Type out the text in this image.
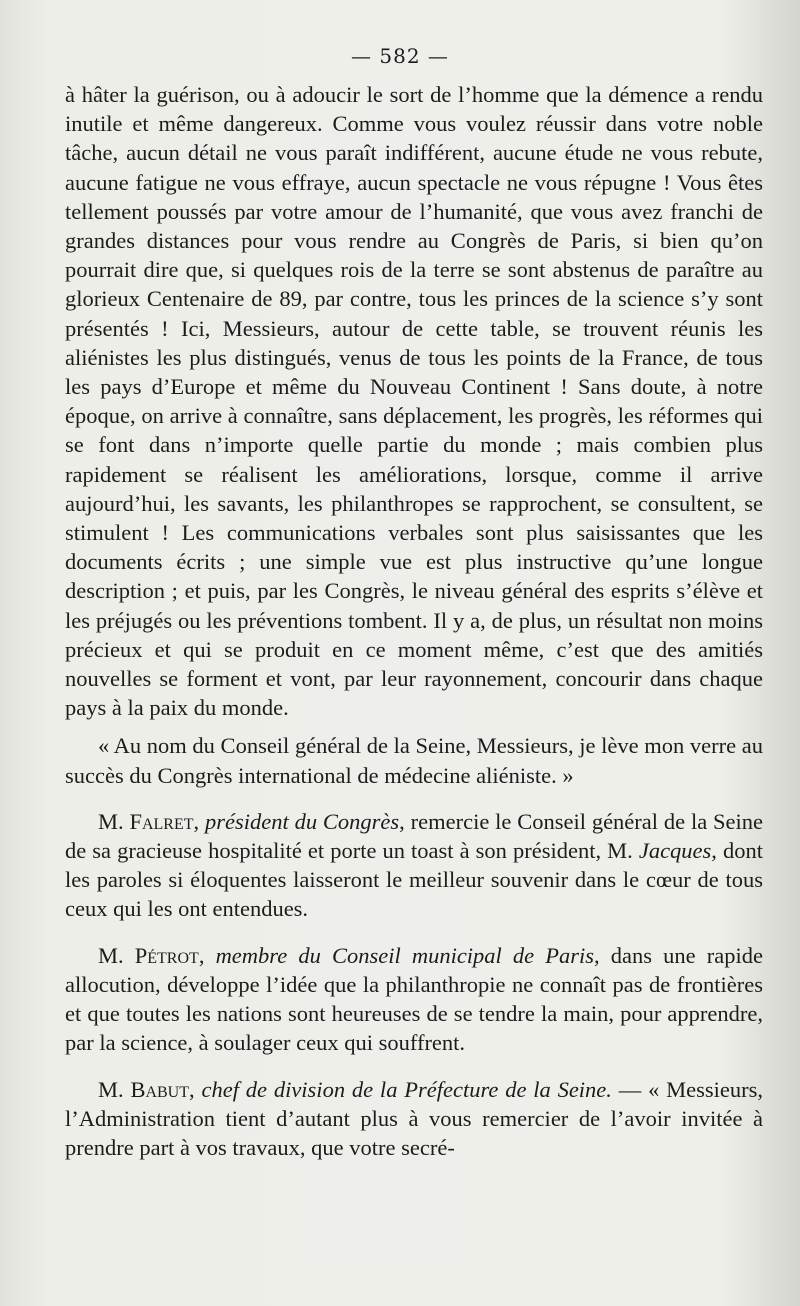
— 582 —

à hâter la guérison, ou à adoucir le sort de l’homme que la démence a rendu inutile et même dangereux. Comme vous voulez réussir dans votre noble tâche, aucun détail ne vous paraît indifférent, aucune étude ne vous rebute, aucune fatigue ne vous effraye, aucun spectacle ne vous répugne ! Vous êtes tellement poussés par votre amour de l’humanité, que vous avez franchi de grandes distances pour vous rendre au Congrès de Paris, si bien qu’on pourrait dire que, si quelques rois de la terre se sont abstenus de paraître au glorieux Centenaire de 89, par contre, tous les princes de la science s’y sont présentés ! Ici, Messieurs, autour de cette table, se trouvent réunis les aliénistes les plus distingués, venus de tous les points de la France, de tous les pays d’Europe et même du Nouveau Continent ! Sans doute, à notre époque, on arrive à connaître, sans déplacement, les progrès, les réformes qui se font dans n’importe quelle partie du monde ; mais combien plus rapidement se réalisent les améliorations, lorsque, comme il arrive aujourd’hui, les savants, les philanthropes se rapprochent, se consultent, se stimulent ! Les communications verbales sont plus saisissantes que les documents écrits ; une simple vue est plus instructive qu’une longue description ; et puis, par les Congrès, le niveau général des esprits s’élève et les préjugés ou les préventions tombent. Il y a, de plus, un résultat non moins précieux et qui se produit en ce moment même, c’est que des amitiés nouvelles se forment et vont, par leur rayonnement, concourir dans chaque pays à la paix du monde.

« Au nom du Conseil général de la Seine, Messieurs, je lève mon verre au succès du Congrès international de médecine aliéniste. »

M. Falret, président du Congrès, remercie le Conseil général de la Seine de sa gracieuse hospitalité et porte un toast à son président, M. Jacques, dont les paroles si éloquentes laisseront le meilleur souvenir dans le cœur de tous ceux qui les ont entendues.

M. Pétrot, membre du Conseil municipal de Paris, dans une rapide allocution, développe l’idée que la philanthropie ne connaît pas de frontières et que toutes les nations sont heureuses de se tendre la main, pour apprendre, par la science, à soulager ceux qui souffrent.

M. Babut, chef de division de la Préfecture de la Seine. — « Messieurs, l’Administration tient d’autant plus à vous remercier de l’avoir invitée à prendre part à vos travaux, que votre secré-
